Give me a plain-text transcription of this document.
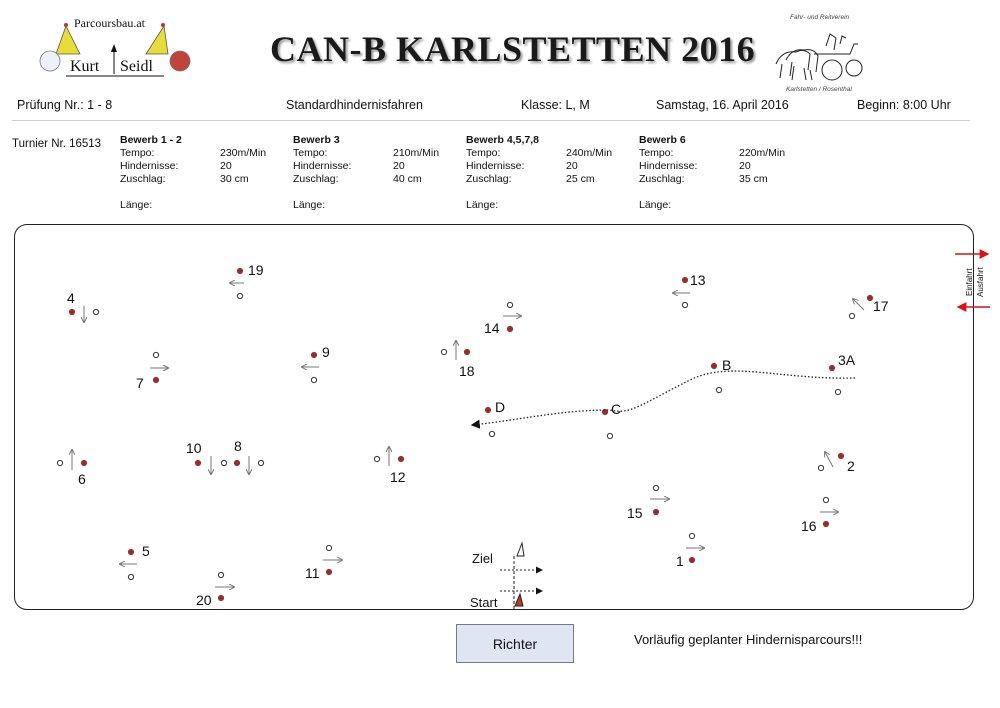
Parcoursbau.at
Kurt Seidl	CAN-B KARLSTETTEN 2016
Fahr- und Reitverein
Karlstetten / Rosenthal
Prüfung Nr.: 1 - 8	Standardhindernisfahren	Klasse: L, M	Samstag, 16. April 2016	Beginn: 8:00 Uhr
Turnier Nr. 16513 Bewerb 1 - 2
Tempo:	230m/Min
Hindernisse:	20
Zuschlag:	30 cm
Länge:
Bewerb 3
Tempo:	210m/Min
Hindernisse:	20
Zuschlag:	40 cm
Länge:
Bewerb 4,5,7,8
Tempo:	240m/Min
Hindernisse:	20
Zuschlag:	25 cm
Länge:
Bewerb 6
Tempo:	220m/Min
Hindernisse:	20
Zuschlag:	35 cm
Länge:
Ziel
Start
Einfahrt Ausfahrt
1
2
3A
4
5
6
7
8
9
10
11
12
13
14
15
16
17
18
19
20
B
C
D
Richter	Vorläufig geplanter Hindernisparcours!!!
